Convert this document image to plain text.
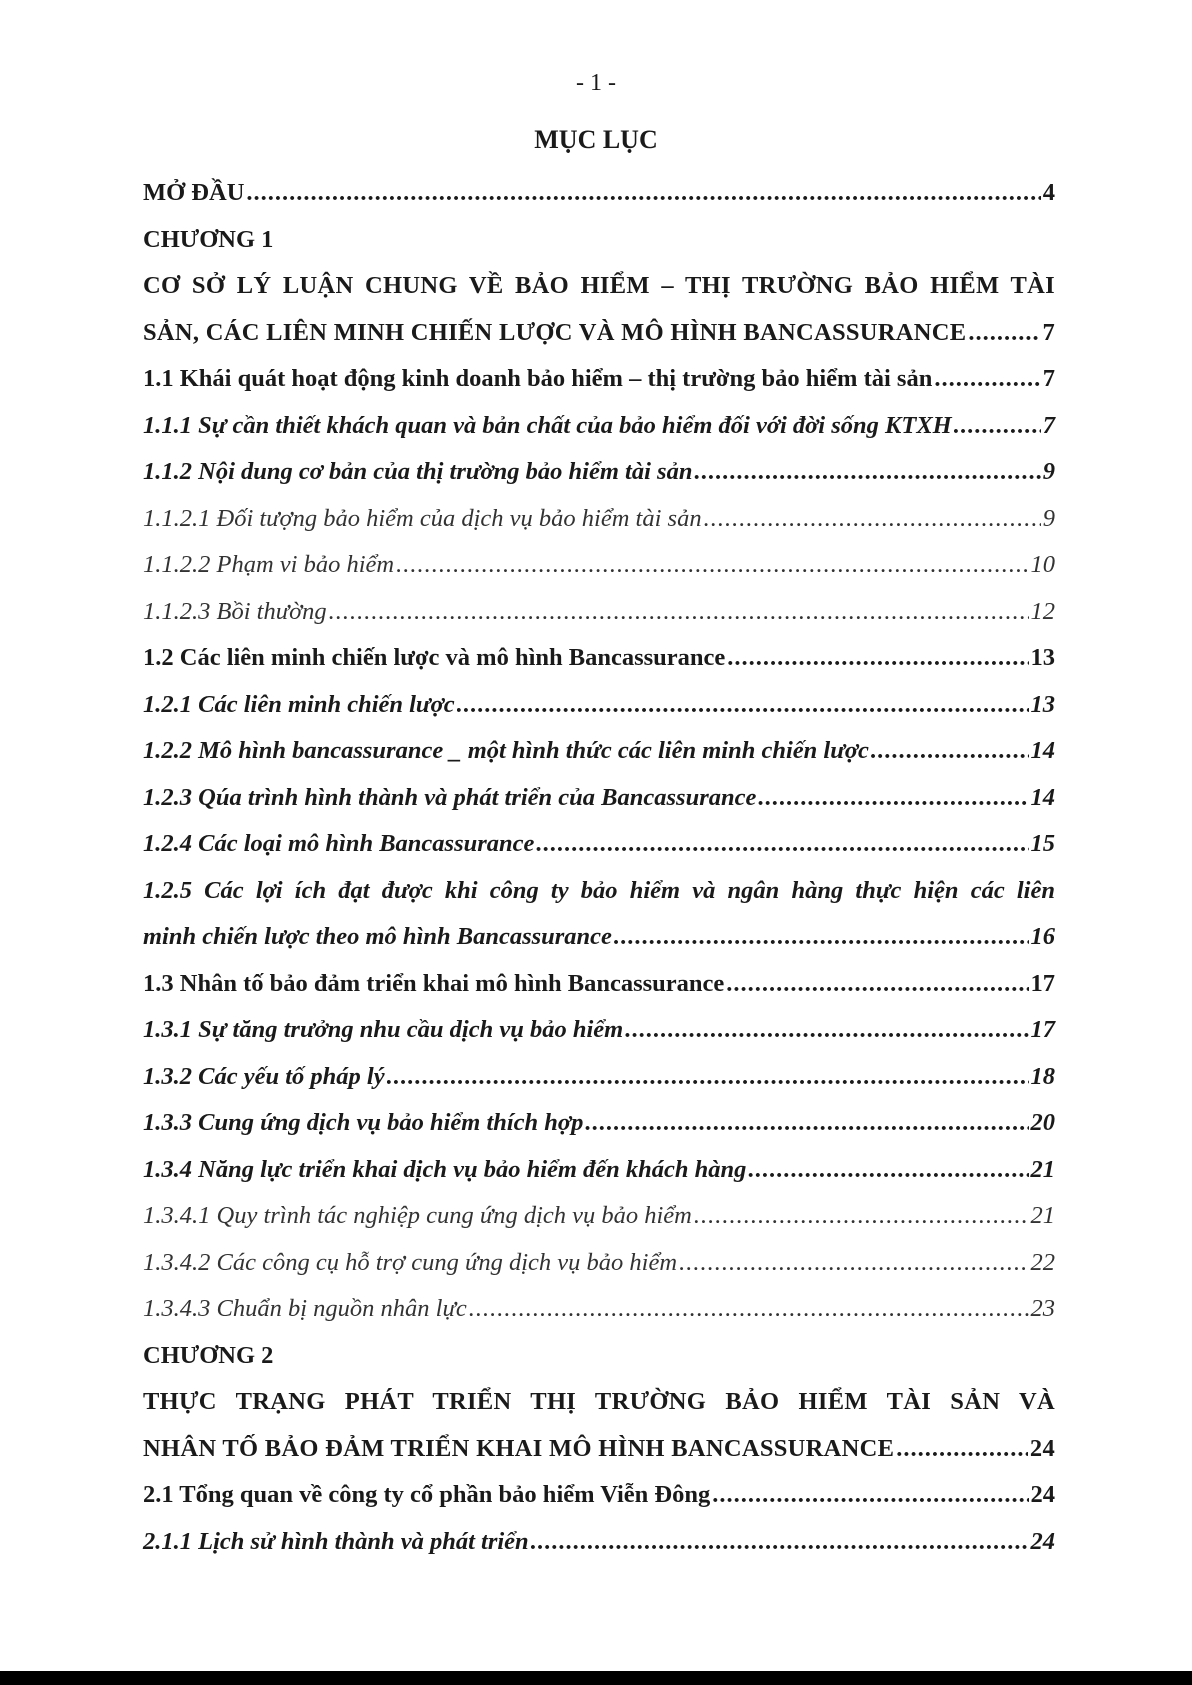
- 1 -
MỤC LỤC
MỞ ĐẦU .....	4
CHƯƠNG 1
CƠ SỞ LÝ LUẬN CHUNG VỀ BẢO HIỂM – THỊ TRƯỜNG BẢO HIỂM TÀI
SẢN, CÁC LIÊN MINH CHIẾN LƯỢC VÀ MÔ HÌNH BANCASSURANCE .....	7
1.1 Khái quát hoạt động kinh doanh bảo hiểm – thị trường bảo hiểm tài sản .....	7
1.1.1 Sự cần thiết khách quan và bản chất của bảo hiểm đối với đời sống KTXH .....	7
1.1.2 Nội dung cơ bản của thị trường bảo hiểm tài sản .....	9
1.1.2.1 Đối tượng bảo hiểm của dịch vụ bảo hiểm tài sản .....	9
1.1.2.2 Phạm vi bảo hiểm .....	10
1.1.2.3 Bồi thường .....	12
1.2 Các liên minh chiến lược và mô hình Bancassurance .....	13
1.2.1 Các liên minh chiến lược .....	13
1.2.2 Mô hình bancassurance _ một hình thức các liên minh chiến lược .....	14
1.2.3 Qúa trình hình thành và phát triển của Bancassurance .....	14
1.2.4 Các loại mô hình Bancassurance .....	15
1.2.5 Các lợi ích đạt được khi công ty bảo hiểm và ngân hàng thực hiện các liên
minh chiến lược theo mô hình Bancassurance .....	16
1.3 Nhân tố bảo đảm triển khai mô hình Bancassurance .....	17
1.3.1 Sự tăng trưởng nhu cầu dịch vụ bảo hiểm .....	17
1.3.2 Các yếu tố pháp lý .....	18
1.3.3 Cung ứng dịch vụ bảo hiểm thích hợp .....	20
1.3.4 Năng lực triển khai dịch vụ bảo hiểm đến khách hàng .....	21
1.3.4.1 Quy trình tác nghiệp cung ứng dịch vụ bảo hiểm .....	21
1.3.4.2 Các công cụ hỗ trợ cung ứng dịch vụ bảo hiểm .....	22
1.3.4.3 Chuẩn bị nguồn nhân lực .....	23
CHƯƠNG 2
THỰC TRẠNG PHÁT TRIỂN THỊ TRƯỜNG BẢO HIỂM TÀI SẢN VÀ
NHÂN TỐ BẢO ĐẢM TRIỂN KHAI MÔ HÌNH BANCASSURANCE .....	24
2.1 Tổng quan về công ty cổ phần bảo hiểm Viễn Đông .....	24
2.1.1 Lịch sử hình thành và phát triển .....	24
